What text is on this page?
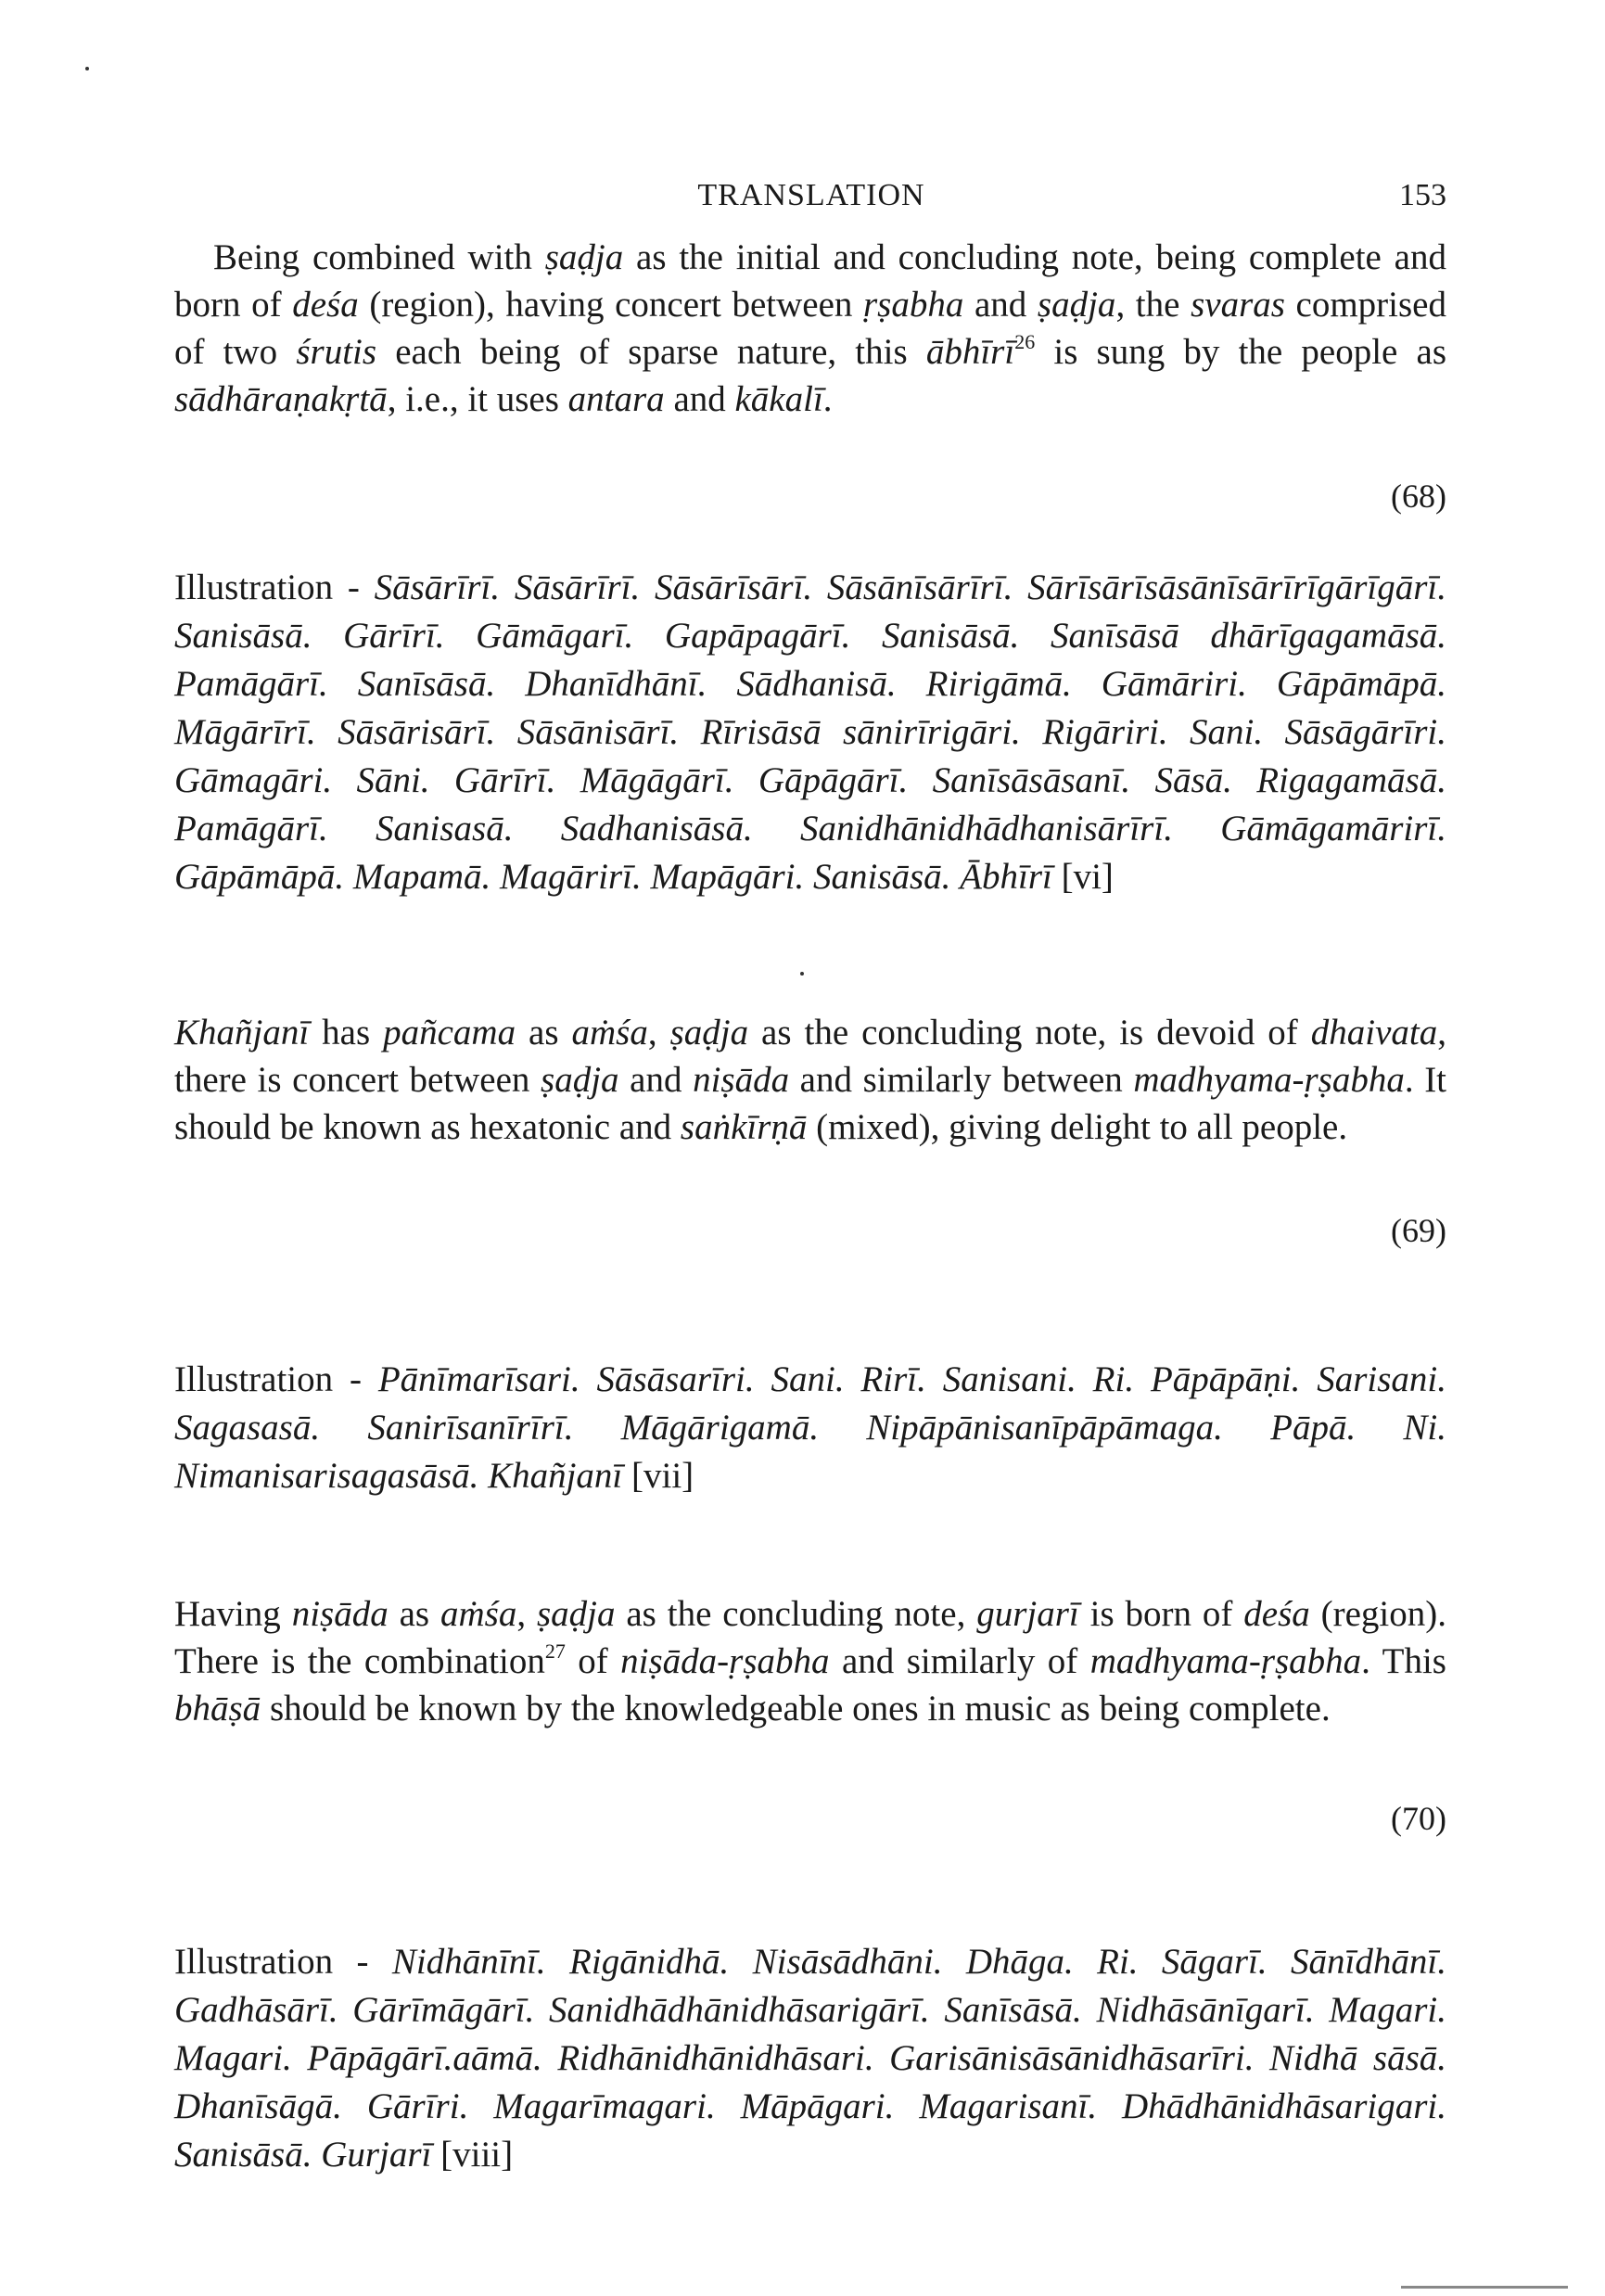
TRANSLATION	153

Being combined with ṣaḍja as the initial and concluding note, being complete and born of deśa (region), having concert between ṛṣabha and ṣaḍja, the svaras comprised of two śrutis each being of sparse nature, this ābhīrī$^{26}$ is sung by the people as sādhāraṇakṛtā, i.e., it uses antara and kākalī.

(68)

Illustration - Sāsārīrī. Sāsārīrī. Sāsārīsārī. Sāsānīsārīrī. Sārīsārīsāsānīsārīrīgārīgārī. Sanisāsā. Gārīrī. Gāmāgarī. Gapāpagārī. Sanisāsā. Sanīsāsā dhārīgagamāsā. Pamāgārī. Sanīsāsā. Dhanīdhānī. Sādhanisā. Ririgāmā. Gāmāriri. Gāpāmāpā. Māgārīrī. Sāsārisārī. Sāsānisārī. Rīrisāsā sānirīrigāri. Rigāriri. Sani. Sāsāgārīri. Gāmagāri. Sāni. Gārīrī. Māgāgārī. Gāpāgārī. Sanīsāsāsanī. Sāsā. Rigagamāsā. Pamāgārī. Sanisasā. Sadhanisāsā. Sanidhānidhādhanisārīrī. Gāmāgamārirī. Gāpāmāpā. Mapamā. Magārirī. Mapāgāri. Sanisāsā. Ābhīrī [vi]

Khañjanī has pañcama as aṁśa, ṣaḍja as the concluding note, is devoid of dhaivata, there is concert between ṣaḍja and niṣāda and similarly between madhyama-ṛṣabha. It should be known as hexatonic and saṅkīrṇā (mixed), giving delight to all people.

(69)

Illustration - Pānīmarīsari. Sāsāsarīri. Sani. Rirī. Sanisani. Ri. Pāpāpāṇi. Sarisani. Sagasasā. Sanirīsanīrīrī. Māgārigamā. Nipāpānisanīpāpāmaga. Pāpā. Ni. Nimanisarisagasāsā. Khañjanī [vii]

Having niṣāda as aṁśa, ṣaḍja as the concluding note, gurjarī is born of deśa (region). There is the combination$^{27}$ of niṣāda-ṛṣabha and similarly of madhyama-ṛṣabha. This bhāṣā should be known by the knowledgeable ones in music as being complete.

(70)

Illustration - Nidhānīnī. Rigānidhā. Nisāsādhāni. Dhāga. Ri. Sāgarī. Sānīdhānī. Gadhāsārī. Gārīmāgārī. Sanidhādhānidhāsarigārī. Sanīsāsā. Nidhāsānīgarī. Magari. Magari. Pāpāgārī.aāmā. Ridhānidhānidhāsari. Garisānisāsānidhāsarīri. Nidhā sāsā. Dhanīsāgā. Gārīri. Magarīmagari. Māpāgari. Magarisanī. Dhādhānidhāsarigari. Sanisāsā. Gurjarī [viii]
